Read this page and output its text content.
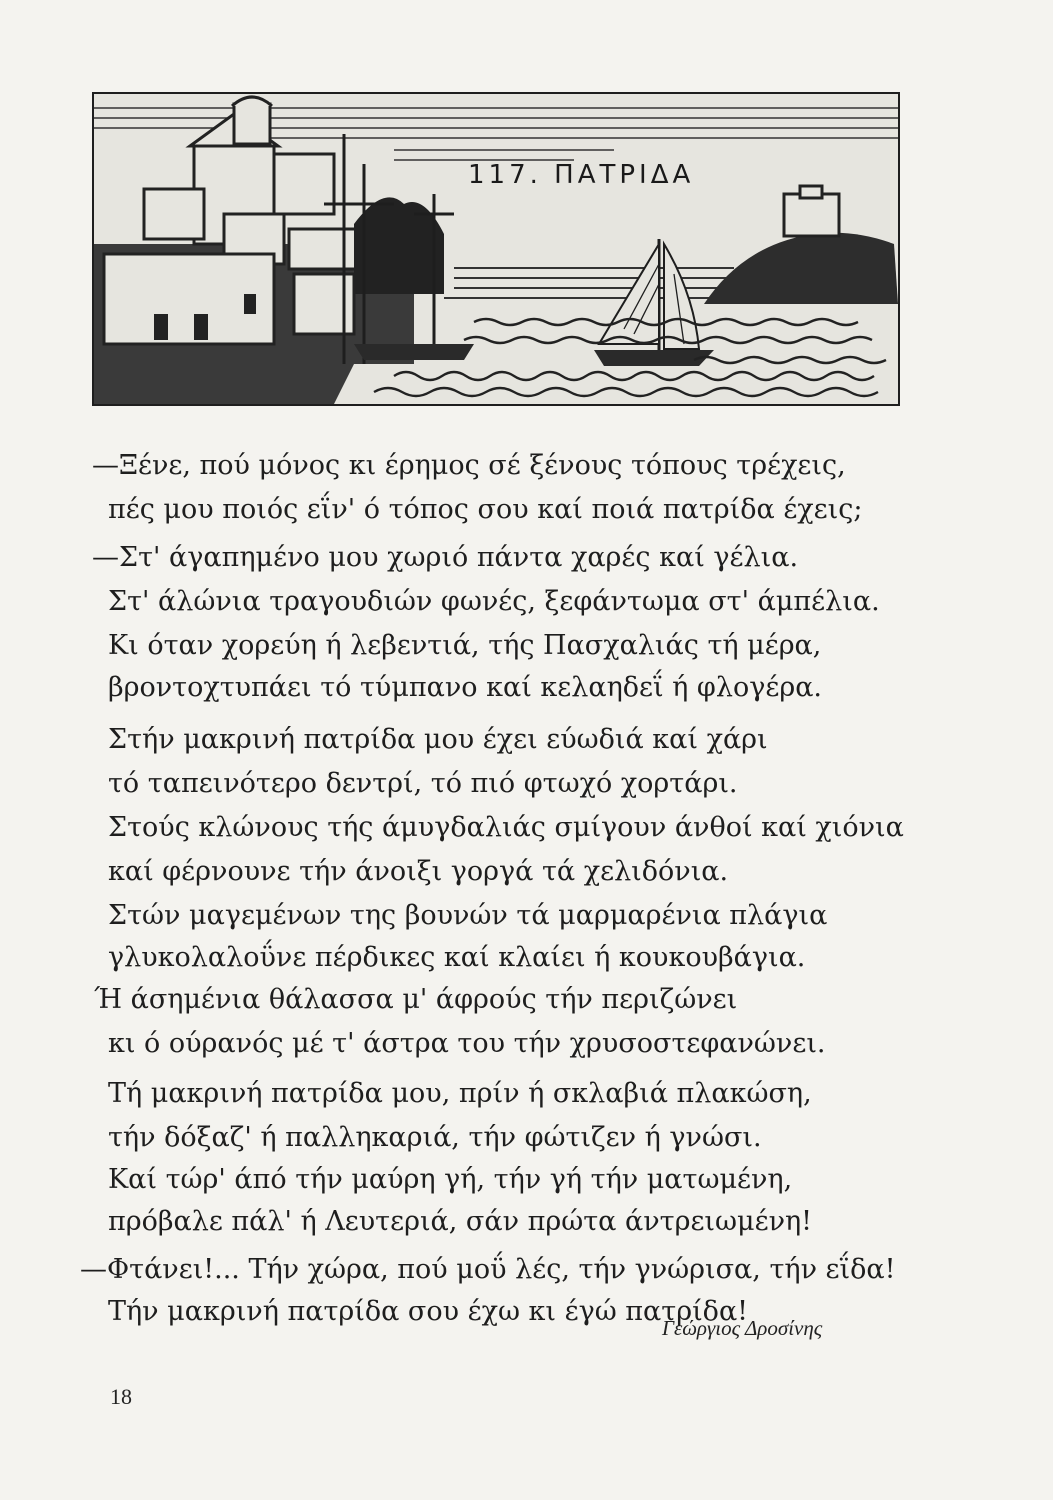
117. ΠΑΤΡΙΔΑ
—Ξένε, πού μόνος κι έρημος σέ ξένους τόπους τρέχεις,
πές μου ποιός εΐν' ό τόπος σου καί ποιά πατρίδα έχεις;
—Στ' άγαπημένο μου χωριό πάντα χαρές καί γέλια.
Στ' άλώνια τραγουδιών φωνές, ξεφάντωμα στ' άμπέλια.
Κι όταν χορεύη ή λεβεντιά, τής Πασχαλιάς τή μέρα,
βροντοχτυπάει τό τύμπανο καί κελαηδεΐ ή φλογέρα.
Στήν μακρινή πατρίδα μου έχει εύωδιά καί χάρι
τό ταπεινότερο δεντρί, τό πιό φτωχό χορτάρι.
Στούς κλώνους τής άμυγδαλιάς σμίγουν άνθοί καί χιόνια
καί φέρνουνε τήν άνοιξι γοργά τά χελιδόνια.
Στών μαγεμένων της βουνών τά μαρμαρένια πλάγια
γλυκολαλοΰνε πέρδικες καί κλαίει ή κουκουβάγια.
Ή άσημένια θάλασσα μ' άφρούς τήν περιζώνει
κι ό ούρανός μέ τ' άστρα του τήν χρυσοστεφανώνει.
Τή μακρινή πατρίδα μου, πρίν ή σκλαβιά πλακώση,
τήν δόξαζ' ή παλληκαριά, τήν φώτιζεν ή γνώσι.
Καί τώρ' άπό τήν μαύρη γή, τήν γή τήν ματωμένη,
πρόβαλε πάλ' ή Λευτεριά, σάν πρώτα άντρειωμένη!
—Φτάνει!... Τήν χώρα, πού μοΰ λές, τήν γνώρισα, τήν εΐδα!
Τήν μακρινή πατρίδα σου έχω κι έγώ πατρίδα!
Γεώργιος Δροσίνης
18
